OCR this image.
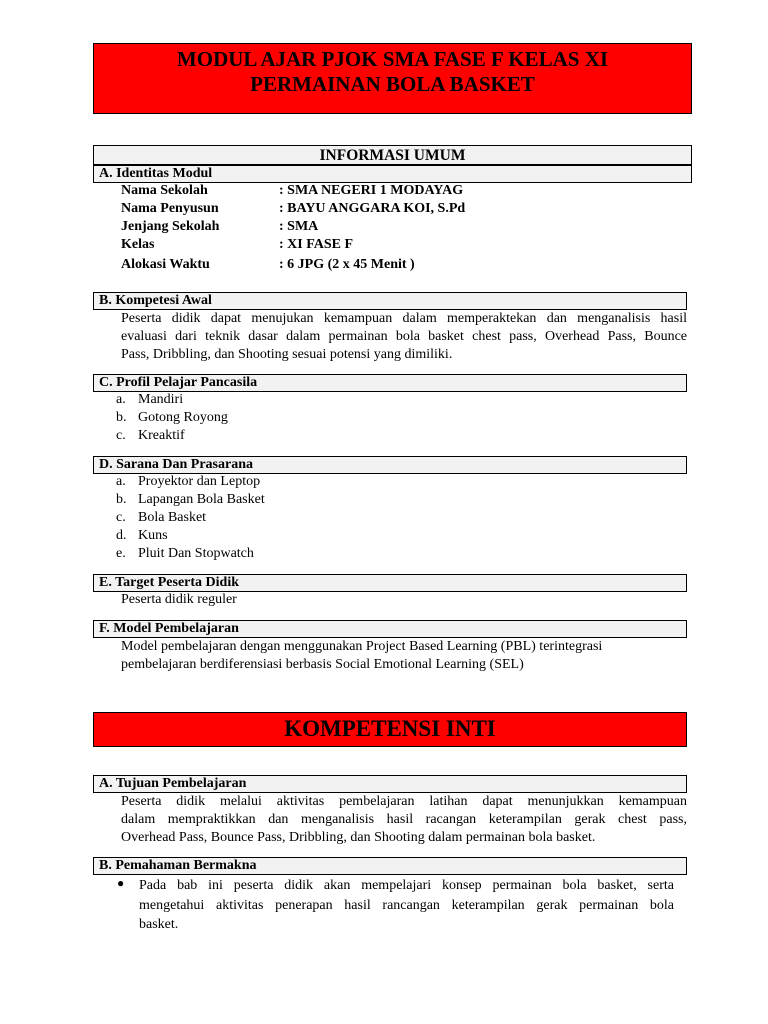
MODUL AJAR PJOK SMA FASE F KELAS XI
PERMAINAN BOLA BASKET
INFORMASI UMUM
A. Identitas Modul
Nama Sekolah	: SMA NEGERI 1 MODAYAG
Nama Penyusun	: BAYU ANGGARA KOI, S.Pd
Jenjang Sekolah	: SMA
Kelas	: XI FASE F
Alokasi Waktu	: 6 JPG (2 x 45 Menit )
B. Kompetesi Awal
Peserta didik dapat menujukan kemampuan dalam memperaktekan dan menganalisis hasil
evaluasi dari teknik dasar dalam permainan bola basket chest pass, Overhead Pass, Bounce
Pass, Dribbling, dan Shooting sesuai potensi yang dimiliki.
C. Profil Pelajar Pancasila
a. Mandiri
b. Gotong Royong
c. Kreaktif
D. Sarana Dan Prasarana
a. Proyektor dan Leptop
b. Lapangan Bola Basket
c. Bola Basket
d. Kuns
e. Pluit Dan Stopwatch
E. Target Peserta Didik
Peserta didik reguler
F. Model Pembelajaran
Model pembelajaran dengan menggunakan Project Based Learning (PBL) terintegrasi
pembelajaran berdiferensiasi berbasis Social Emotional Learning (SEL)
KOMPETENSI INTI
A. Tujuan Pembelajaran
Peserta didik melalui aktivitas pembelajaran latihan dapat menunjukkan kemampuan
dalam mempraktikkan dan menganalisis hasil racangan keterampilan gerak chest pass,
Overhead Pass, Bounce Pass, Dribbling, dan Shooting dalam permainan bola basket.
B. Pemahaman Bermakna
● Pada bab ini peserta didik akan mempelajari konsep permainan bola basket, serta
mengetahui aktivitas penerapan hasil rancangan keterampilan gerak permainan bola
basket.
